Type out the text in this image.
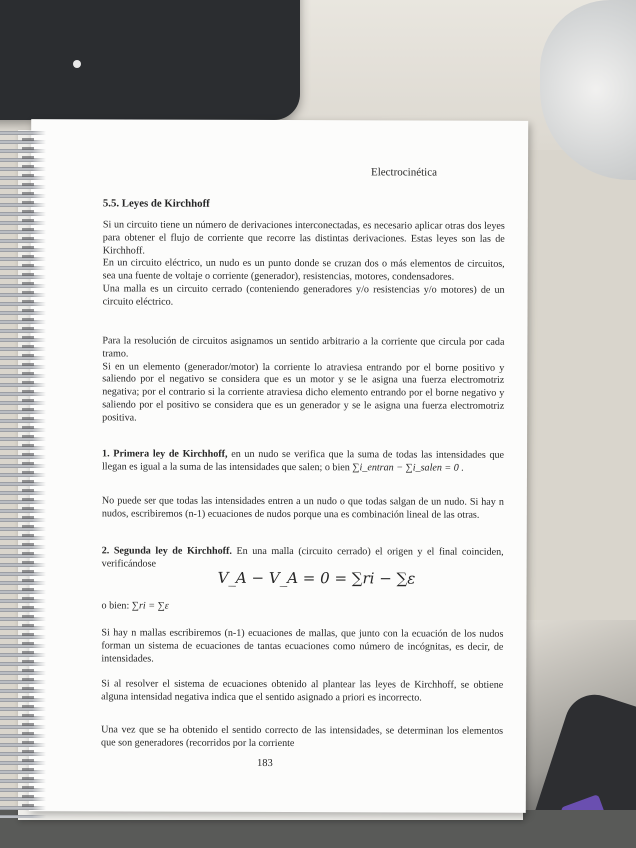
Electrocinética
5.5. Leyes de Kirchhoff

Si un circuito tiene un número de derivaciones interconectadas, es necesario aplicar otras dos leyes para obtener el flujo de corriente que recorre las distintas derivaciones. Estas leyes son las de Kirchhoff.

En un circuito eléctrico, un nudo es un punto donde se cruzan dos o más elementos de circuitos, sea una fuente de voltaje o corriente (generador), resistencias, motores, condensadores.

Una malla es un circuito cerrado (conteniendo generadores y/o resistencias y/o motores) de un circuito eléctrico.

Para la resolución de circuitos asignamos un sentido arbitrario a la corriente que circula por cada tramo.

Si en un elemento (generador/motor) la corriente lo atraviesa entrando por el borne positivo y saliendo por el negativo se considera que es un motor y se le asigna una fuerza electromotriz negativa; por el contrario si la corriente atraviesa dicho elemento entrando por el borne negativo y saliendo por el positivo se considera que es un generador y se le asigna una fuerza electromotriz positiva.

1. Primera ley de Kirchhoff, en un nudo se verifica que la suma de todas las intensidades que llegan es igual a la suma de las intensidades que salen; o bien ∑i_entran − ∑i_salen = 0 .

No puede ser que todas las intensidades entren a un nudo o que todas salgan de un nudo. Si hay n nudos, escribiremos (n-1) ecuaciones de nudos porque una es combinación lineal de las otras.

2. Segunda ley de Kirchhoff. En una malla (circuito cerrado) el origen y el final coinciden, verificándose

V_A − V_A = 0 = ∑ri − ∑ε

o bien: ∑ri = ∑ε

Si hay n mallas escribiremos (n-1) ecuaciones de mallas, que junto con la ecuación de los nudos forman un sistema de ecuaciones de tantas ecuaciones como número de incógnitas, es decir, de intensidades.

Si al resolver el sistema de ecuaciones obtenido al plantear las leyes de Kirchhoff, se obtiene alguna intensidad negativa indica que el sentido asignado a priori es incorrecto.

Una vez que se ha obtenido el sentido correcto de las intensidades, se determinan los elementos que son generadores (recorridos por la corriente

183
